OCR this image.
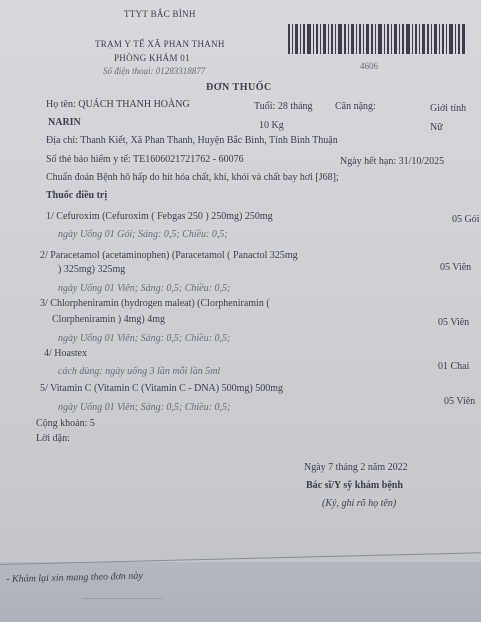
TTYT BẮC BÌNH
TRẠM Y TẾ XÃ PHAN THANH
PHÒNG KHÁM 01
Số điện thoại: 01283318877	4606
ĐƠN THUỐC
Họ tên: QUÁCH THANH HOÀNG	Tuổi: 28 tháng Cân nặng:	Giới tính
NARIN	10 Kg	Nữ
Địa chỉ: Thanh Kiết, Xã Phan Thanh, Huyện Bắc Bình, Tỉnh Bình Thuận
Số thẻ bảo hiểm y tế: TE1606021721762 - 60076	Ngày hết hạn: 31/10/2025
Chuẩn đoán Bệnh hô hấp do hít hóa chất, khí, khói và chất bay hơi [J68];
Thuốc điều trị
1/ Cefuroxim (Cefuroxim ( Febgas 250 ) 250mg) 250mg	05 Gói
ngày Uống 01 Gói; Sáng: 0,5; Chiều: 0,5;
2/ Paracetamol (acetaminophen) (Paracetamol ( Panactol 325mg
) 325mg) 325mg	05 Viên
ngày Uống 01 Viên; Sáng: 0,5; Chiều: 0,5;
3/ Chlorpheniramin (hydrogen maleat) (Clorpheniramin (
Clorpheniramin ) 4mg) 4mg	05 Viên
ngày Uống 01 Viên; Sáng: 0,5; Chiều: 0,5;
4/ Hoastex
01 Chai
cách dùng: ngày uống 3 lần mỗi lần 5ml
5/ Vitamin C (Vitamin C (Vitamin C - DNA) 500mg) 500mg
05 Viên
ngày Uống 01 Viên; Sáng: 0,5; Chiều: 0,5;
Cộng khoản: 5
Lời dặn:
Ngày 7 tháng 2 năm 2022
Bác sĩ/Y sỹ khám bệnh
(Ký, ghi rõ họ tên)
- Khám lại xin mang theo đơn này
